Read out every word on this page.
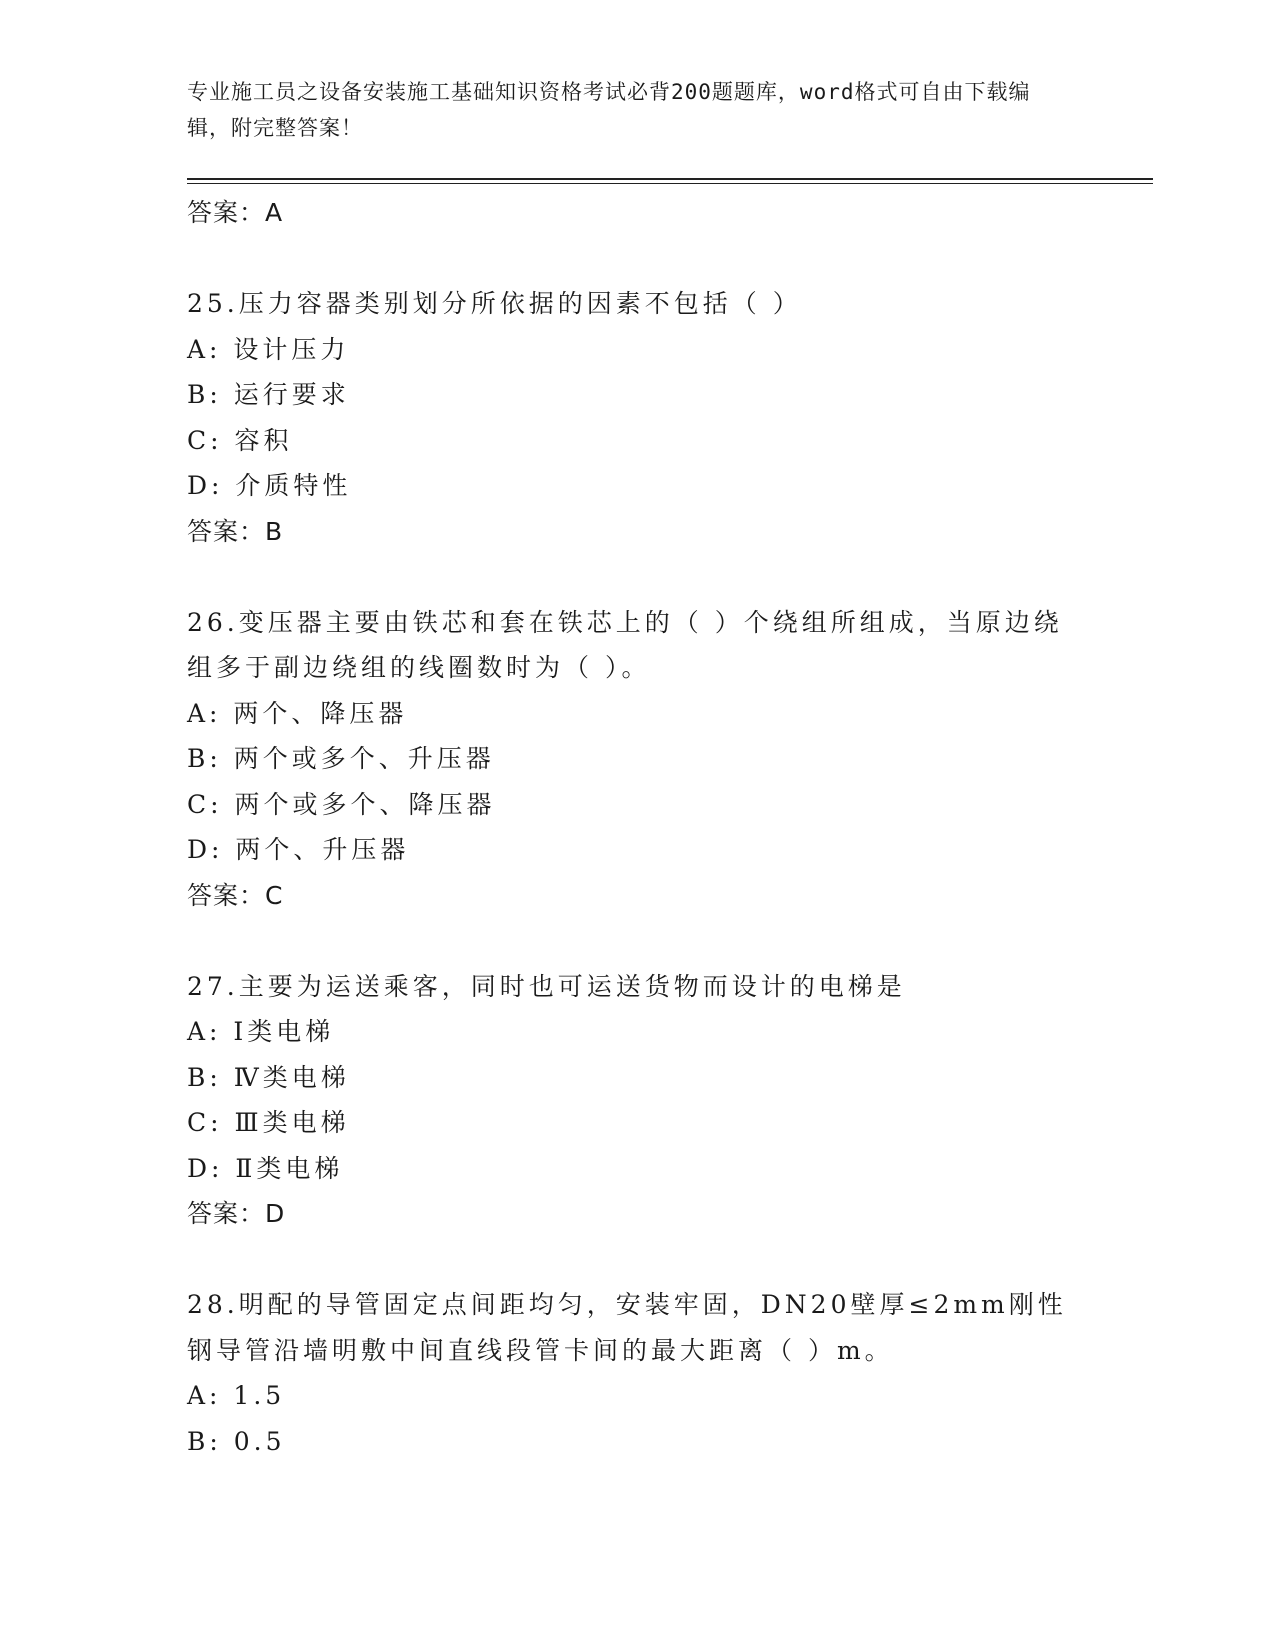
专业施工员之设备安装施工基础知识资格考试必背200题题库，word格式可自由下载编辑，附完整答案！
答案：A
25.压力容器类别划分所依据的因素不包括（ ）
A: 设计压力
B: 运行要求
C: 容积
D: 介质特性
答案：B
26.变压器主要由铁芯和套在铁芯上的（ ）个绕组所组成，当原边绕组多于副边绕组的线圈数时为（ ）。
A: 两个、降压器
B: 两个或多个、升压器
C: 两个或多个、降压器
D: 两个、升压器
答案：C
27.主要为运送乘客，同时也可运送货物而设计的电梯是
A: Ⅰ类电梯
B: Ⅳ类电梯
C: Ⅲ类电梯
D: Ⅱ类电梯
答案：D
28.明配的导管固定点间距均匀，安装牢固，DN20壁厚≤2mm刚性钢导管沿墙明敷中间直线段管卡间的最大距离（ ）m。
A: 1.5
B: 0.5
